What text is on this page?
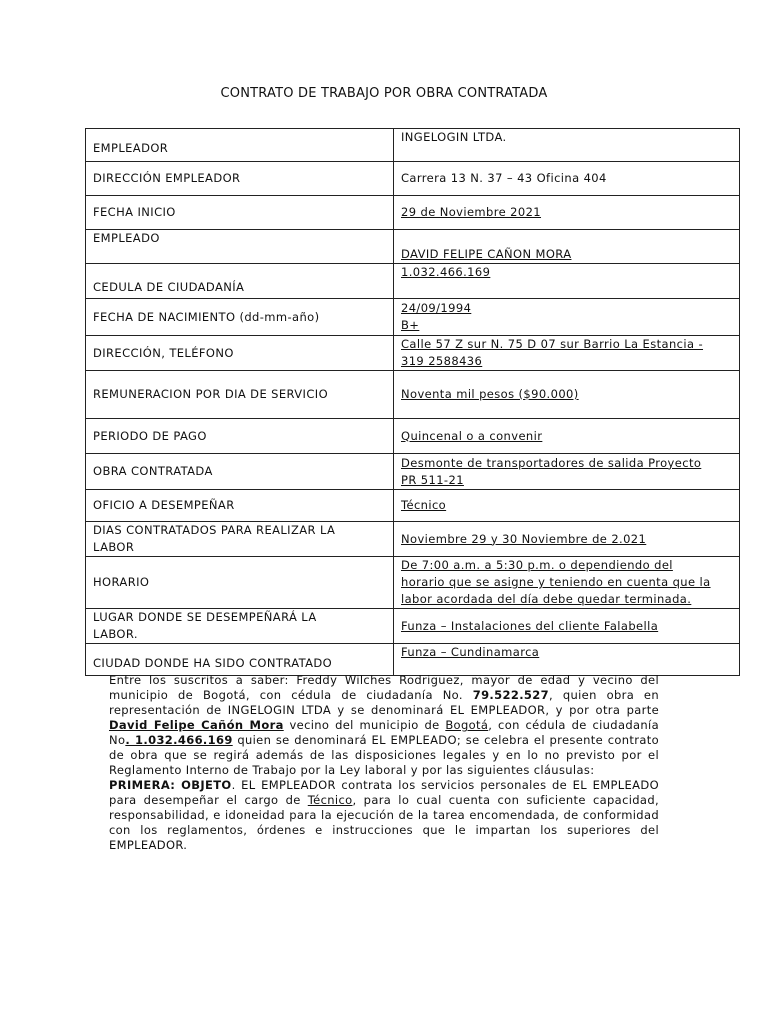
CONTRATO DE TRABAJO POR OBRA CONTRATADA
EMPLEADOR	INGELOGIN LTDA.
DIRECCIÓN EMPLEADOR	Carrera 13 N. 37 – 43 Oficina 404
FECHA INICIO	29 de Noviembre 2021
EMPLEADO	DAVID FELIPE CAÑON MORA
CEDULA DE CIUDADANÍA	1.032.466.169
FECHA DE NACIMIENTO (dd-mm-año)	24/09/1994
B+

DIRECCIÓN, TELÉFONO	Calle 57 Z sur N. 75 D 07 sur Barrio La Estancia -
319 2588436

REMUNERACION POR DIA DE SERVICIO	Noventa mil pesos ($90.000)
PERIODO DE PAGO	Quincenal o a convenir
OBRA CONTRATADA	Desmonte de transportadores de salida Proyecto
PR 511-21

OFICIO A DESEMPEÑAR	Técnico

DIAS CONTRATADOS PARA REALIZAR LA
LABOR	Noviembre 29 y 30 Noviembre de 2.021
HORARIO	De 7:00 a.m. a 5:30 p.m. o dependiendo del
horario que se asigne y teniendo en cuenta que la
labor acordada del día debe quedar terminada.

LUGAR DONDE SE DESEMPEÑARÁ LA
LABOR.	Funza – Instalaciones del cliente Falabella
CIUDAD DONDE HA SIDO CONTRATADO	Funza – Cundinamarca

Entre los suscritos a saber: Freddy Wilches Rodriguez, mayor de edad y vecino del municipio de Bogotá, con cédula de ciudadanía No. 79.522.527, quien obra en representación de INGELOGIN LTDA y se denominará EL EMPLEADOR, y por otra parte David Felipe Cañón Mora vecino del municipio de Bogotá, con cédula de ciudadanía No. 1.032.466.169 quien se denominará EL EMPLEADO; se celebra el presente contrato de obra que se regirá además de las disposiciones legales y en lo no previsto por el Reglamento Interno de Trabajo por la Ley laboral y por las siguientes cláusulas:

PRIMERA: OBJETO. EL EMPLEADOR contrata los servicios personales de EL EMPLEADO para desempeñar el cargo de Técnico, para lo cual cuenta con suficiente capacidad, responsabilidad, e idoneidad para la ejecución de la tarea encomendada, de conformidad con los reglamentos, órdenes e instrucciones que le impartan los superiores del EMPLEADOR.
